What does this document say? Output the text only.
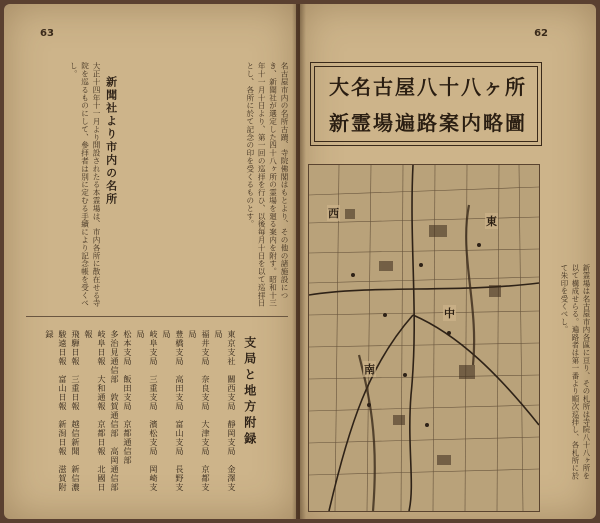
63
新聞社より市内の名所	名古屋市内の名所古蹟、寺院佛閣はもとより、その他の諸施設につき、新聞社が選定した四十八ヶ所の霊場を廻る案内を附す。昭和十三年十一月十日より、第一回の巡拝を行ひ、以後毎月十日を以て巡拝日とし、各所に於て記念の印を受くるものとす。
大正十四年十一月より開設されたる本霊場は、市内各所に散在せる寺院を巡るものにして、參拝者は別に定むる手續により記念帳を受くべし。
支局と地方附録
東京支社　關西支局　靜岡支局　金澤支局
福井支局　奈良支局　大津支局　京都支局
豊橋支局　高田支局　富山支局　長野支局
岐阜支局　三重支局　濱松支局　岡崎支局
松本支局　飯田支局　京都通信部
多治見通信部　敦賀通信部　高岡通信部
岐阜日報　大和通報　京都日報　北國日報
飛騨日報　三重日報　越信新聞　新信濃
駿遠日報　富山日報　新潟日報　滋賀附録
62
大名古屋八十八ヶ所
新霊場遍路案内略圖
西
東
中
南	新霊場は名古屋市内各區に亘り、その札所は寺院八十八ヶ所を以て構成せらる。遍路者は第一番より順次巡拝し、各札所に於て朱印を受くべし。
